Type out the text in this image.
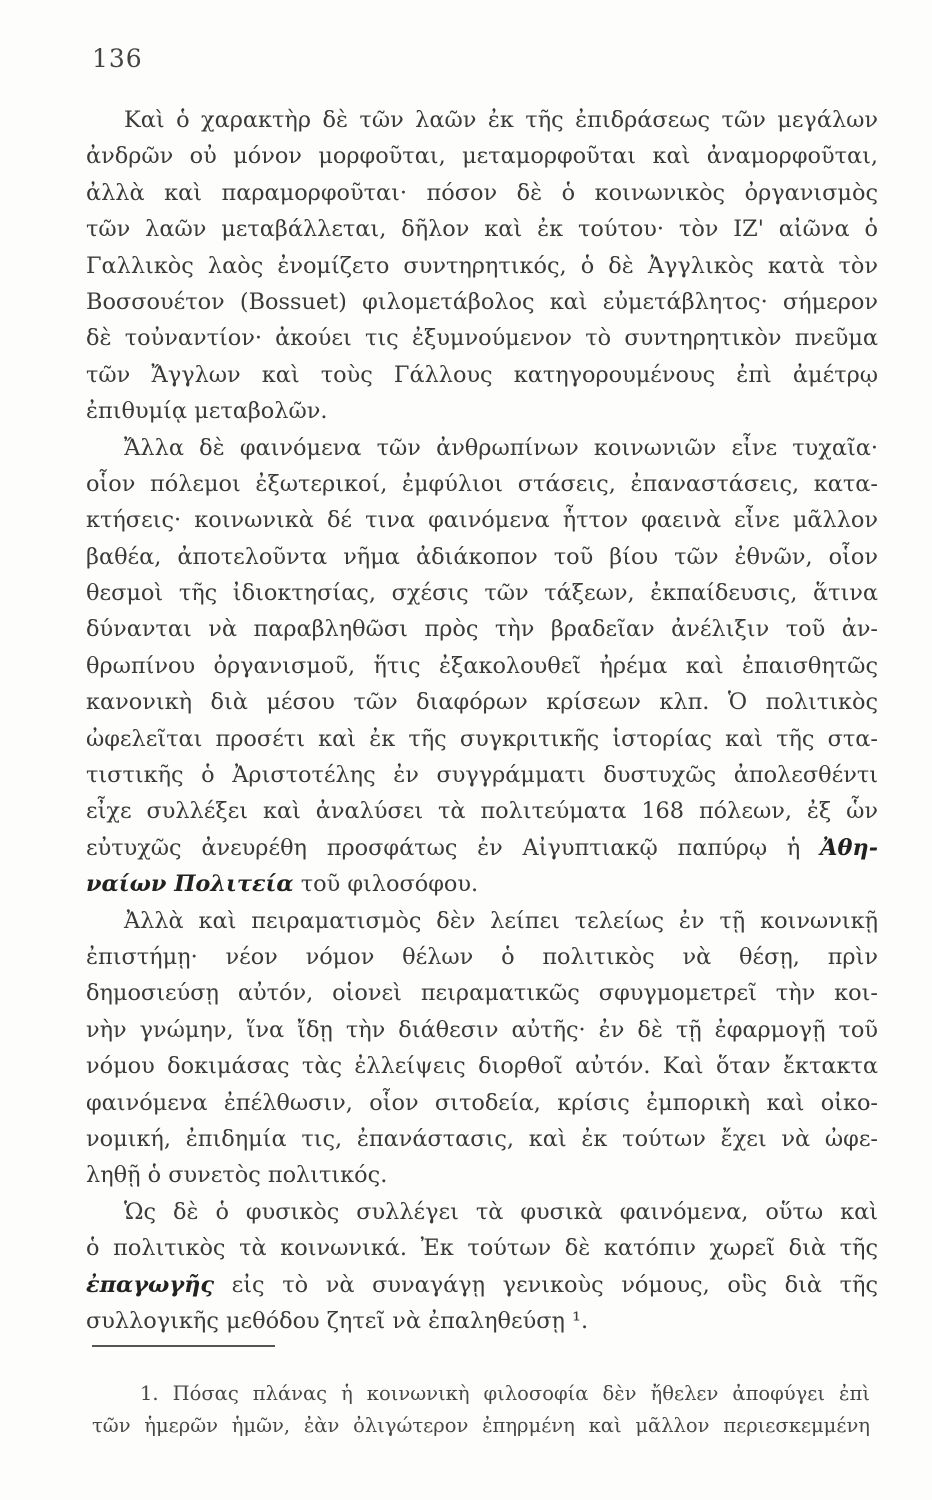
136
Καὶ ὁ χαρακτὴρ δὲ τῶν λαῶν ἐκ τῆς ἐπιδράσεως τῶν μεγάλων
ἀνδρῶν οὐ μόνον μορφοῦται, μεταμορφοῦται καὶ ἀναμορφοῦται,
ἀλλὰ καὶ παραμορφοῦται· πόσον δὲ ὁ κοινωνικὸς ὀργανισμὸς
τῶν λαῶν μεταβάλλεται, δῆλον καὶ ἐκ τούτου· τὸν ΙΖ' αἰῶνα ὁ
Γαλλικὸς λαὸς ἐνομίζετο συντηρητικός, ὁ δὲ Ἀγγλικὸς κατὰ τὸν
Βοσσουέτον (Bossuet) φιλομετάβολος καὶ εὐμετάβλητος· σήμερον
δὲ τοὐναντίον· ἀκούει τις ἐξυμνούμενον τὸ συντηρητικὸν πνεῦμα
τῶν Ἄγγλων καὶ τοὺς Γάλλους κατηγορουμένους ἐπὶ ἀμέτρῳ
ἐπιθυμίᾳ μεταβολῶν.
Ἄλλα δὲ φαινόμενα τῶν ἀνθρωπίνων κοινωνιῶν εἶνε τυχαῖα·
οἷον πόλεμοι ἐξωτερικοί, ἐμφύλιοι στάσεις, ἐπαναστάσεις, κατα-
κτήσεις· κοινωνικὰ δέ τινα φαινόμενα ἧττον φαεινὰ εἶνε μᾶλλον
βαθέα, ἀποτελοῦντα νῆμα ἀδιάκοπον τοῦ βίου τῶν ἐθνῶν, οἷον
θεσμοὶ τῆς ἰδιοκτησίας, σχέσις τῶν τάξεων, ἐκπαίδευσις, ἅτινα
δύνανται νὰ παραβληθῶσι πρὸς τὴν βραδεῖαν ἀνέλιξιν τοῦ ἀν-
θρωπίνου ὀργανισμοῦ, ἥτις ἐξακολουθεῖ ἠρέμα καὶ ἐπαισθητῶς
κανονικὴ διὰ μέσου τῶν διαφόρων κρίσεων κλπ. Ὁ πολιτικὸς
ὠφελεῖται προσέτι καὶ ἐκ τῆς συγκριτικῆς ἱστορίας καὶ τῆς στα-
τιστικῆς ὁ Ἀριστοτέλης ἐν συγγράμματι δυστυχῶς ἀπολεσθέντι
εἶχε συλλέξει καὶ ἀναλύσει τὰ πολιτεύματα 168 πόλεων, ἐξ ὧν
εὐτυχῶς ἀνευρέθη προσφάτως ἐν Αἰγυπτιακῷ παπύρῳ ἡ Ἀθη-
ναίων Πολιτεία τοῦ φιλοσόφου.
Ἀλλὰ καὶ πειραματισμὸς δὲν λείπει τελείως ἐν τῇ κοινωνικῇ
ἐπιστήμῃ· νέον νόμον θέλων ὁ πολιτικὸς νὰ θέσῃ, πρὶν
δημοσιεύσῃ αὐτόν, οἱονεὶ πειραματικῶς σφυγμομετρεῖ τὴν κοι-
νὴν γνώμην, ἵνα ἴδῃ τὴν διάθεσιν αὐτῆς· ἐν δὲ τῇ ἐφαρμογῇ τοῦ
νόμου δοκιμάσας τὰς ἐλλείψεις διορθοῖ αὐτόν. Καὶ ὅταν ἔκτακτα
φαινόμενα ἐπέλθωσιν, οἷον σιτοδεία, κρίσις ἐμπορικὴ καὶ οἰκο-
νομική, ἐπιδημία τις, ἐπανάστασις, καὶ ἐκ τούτων ἔχει νὰ ὠφε-
ληθῇ ὁ συνετὸς πολιτικός.
Ὡς δὲ ὁ φυσικὸς συλλέγει τὰ φυσικὰ φαινόμενα, οὕτω καὶ
ὁ πολιτικὸς τὰ κοινωνικά. Ἐκ τούτων δὲ κατόπιν χωρεῖ διὰ τῆς
ἐπαγωγῆς εἰς τὸ νὰ συναγάγῃ γενικοὺς νόμους, οὓς διὰ τῆς
συλλογικῆς μεθόδου ζητεῖ νὰ ἐπαληθεύσῃ ¹.
1. Πόσας πλάνας ἡ κοινωνικὴ φιλοσοφία δὲν ἤθελεν ἀποφύγει ἐπὶ
τῶν ἡμερῶν ἡμῶν, ἐὰν ὀλιγώτερον ἐπηρμένη καὶ μᾶλλον περιεσκεμμένη
